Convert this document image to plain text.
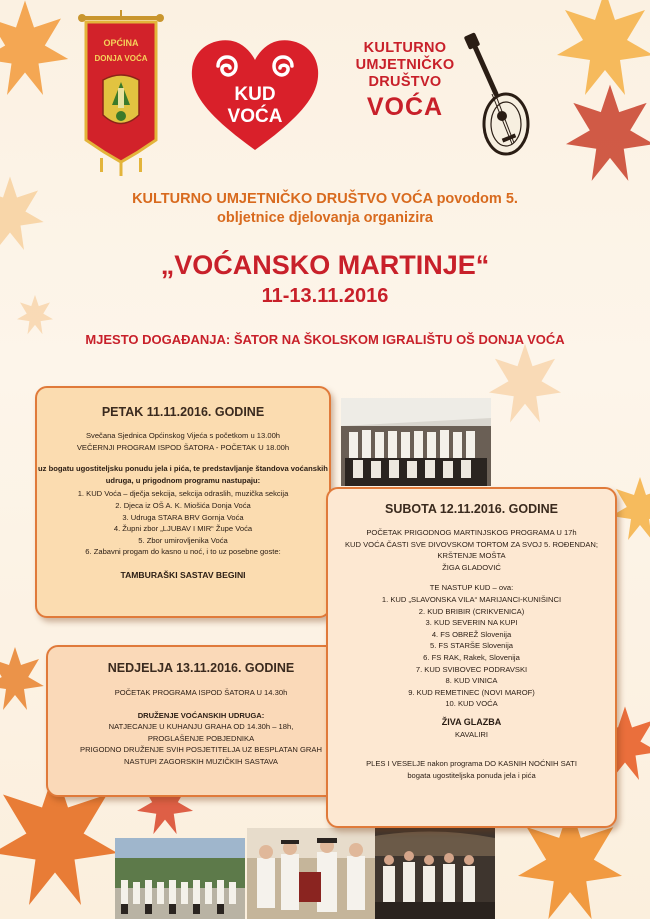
OPĆINA
DONJA VOĆA
KUD
VOĆA
KULTURNO
UMJETNIČKO
DRUŠTVO
VOĆA
KULTURNO UMJETNIČKO DRUŠTVO VOĆA povodom 5.
obljetnice djelovanja organizira
„VOĆANSKO MARTINJE“
11-13.11.2016
MJESTO DOGAĐANJA: ŠATOR NA ŠKOLSKOM IGRALIŠTU OŠ DONJA VOĆA
PETAK 11.11.2016. GODINE
Svečana Sjednica Općinskog Vijeća s početkom u 13.00h
VEČERNJI PROGRAM ISPOD ŠATORA - POČETAK U 18.00h
uz bogatu ugostiteljsku ponudu jela i pića, te predstavljanje štandova voćanskih
udruga, u prigodnom programu nastupaju:
1. KUD Voća – dječja sekcija, sekcija odraslih, muzička sekcija
2. Djeca iz OŠ A. K. Miošića Donja Voća
3. Udruga STARA BRV Gornja Voća
4. Župni zbor „LJUBAV I MIR“ Župe Voća
5. Zbor umirovljenika Voća
6. Zabavni progam do kasno u noć, i to uz posebne goste:
TAMBURAŠKI SASTAV BEGINI
NEDJELJA 13.11.2016. GODINE
POČETAK PROGRAMA ISPOD ŠATORA U 14.30h
DRUŽENJE VOĆANSKIH UDRUGA:
NATJECANJE U KUHANJU GRAHA OD 14.30h – 18h,
PROGLAŠENJE POBJEDNIKA
PRIGODNO DRUŽENJE SVIH POSJETITELJA UZ BESPLATAN GRAH
NASTUPI ZAGORSKIH MUZIČKIH SASTAVA
SUBOTA 12.11.2016. GODINE
POČETAK PRIGODNOG MARTINJSKOG PROGRAMA U 17h
KUD VOĆA ČASTI SVE DIVOVSKOM TORTOM ZA SVOJ 5. ROĐENDAN;
KRŠTENJE MOŠTA
ŽIGA GLADOVIĆ
TE NASTUP KUD – ova:
1. KUD „SLAVONSKA VILA“ MARIJANCI-KUNIŠINCI
2. KUD BRIBIR (CRIKVENICA)
3. KUD SEVERIN NA KUPI
4. FS OBREŽ Slovenija
5. FS STARŠE Slovenija
6. FS RAK, Rakek, Slovenija
7. KUD SVIBOVEC PODRAVSKI
8. KUD VINICA
9. KUD REMETINEC (NOVI MAROF)
10. KUD VOĆA
ŽIVA GLAZBA
KAVALIRI
PLES I VESELJE nakon programa DO KASNIH NOĆNIH SATI
bogata ugostiteljska ponuda jela i pića
